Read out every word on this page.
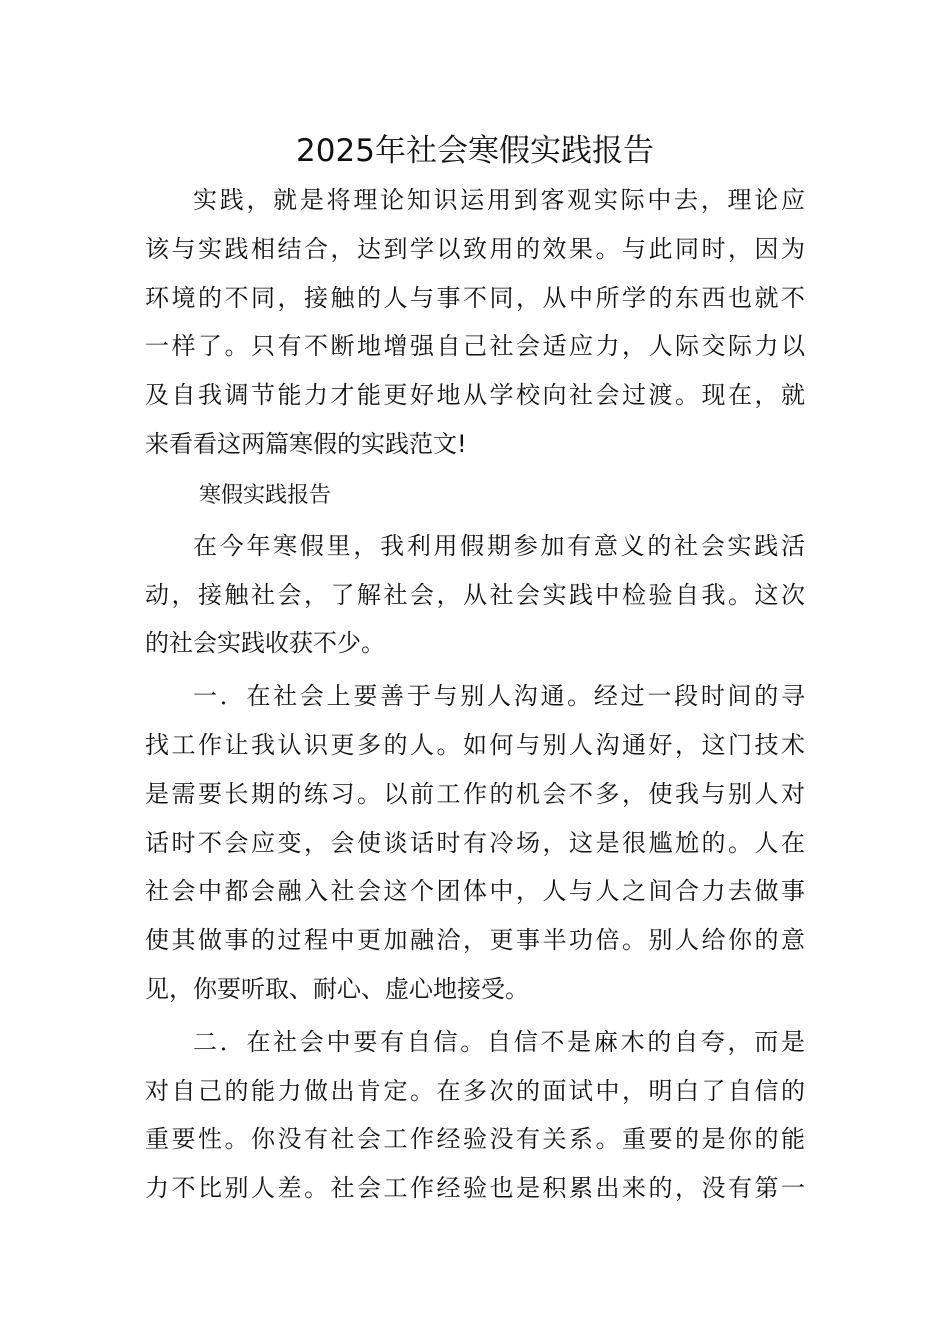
2025年社会寒假实践报告
实践，就是将理论知识运用到客观实际中去，理论应
该与实践相结合，达到学以致用的效果。与此同时，因为
环境的不同，接触的人与事不同，从中所学的东西也就不
一样了。只有不断地增强自己社会适应力，人际交际力以
及自我调节能力才能更好地从学校向社会过渡。现在，就
来看看这两篇寒假的实践范文!
寒假实践报告
在今年寒假里，我利用假期参加有意义的社会实践活
动，接触社会，了解社会，从社会实践中检验自我。这次
的社会实践收获不少。
一．在社会上要善于与别人沟通。经过一段时间的寻
找工作让我认识更多的人。如何与别人沟通好，这门技术
是需要长期的练习。以前工作的机会不多，使我与别人对
话时不会应变，会使谈话时有冷场，这是很尴尬的。人在
社会中都会融入社会这个团体中，人与人之间合力去做事
使其做事的过程中更加融洽，更事半功倍。别人给你的意
见，你要听取、耐心、虚心地接受。
二．在社会中要有自信。自信不是麻木的自夸，而是
对自己的能力做出肯定。在多次的面试中，明白了自信的
重要性。你没有社会工作经验没有关系。重要的是你的能
力不比别人差。社会工作经验也是积累出来的，没有第一
